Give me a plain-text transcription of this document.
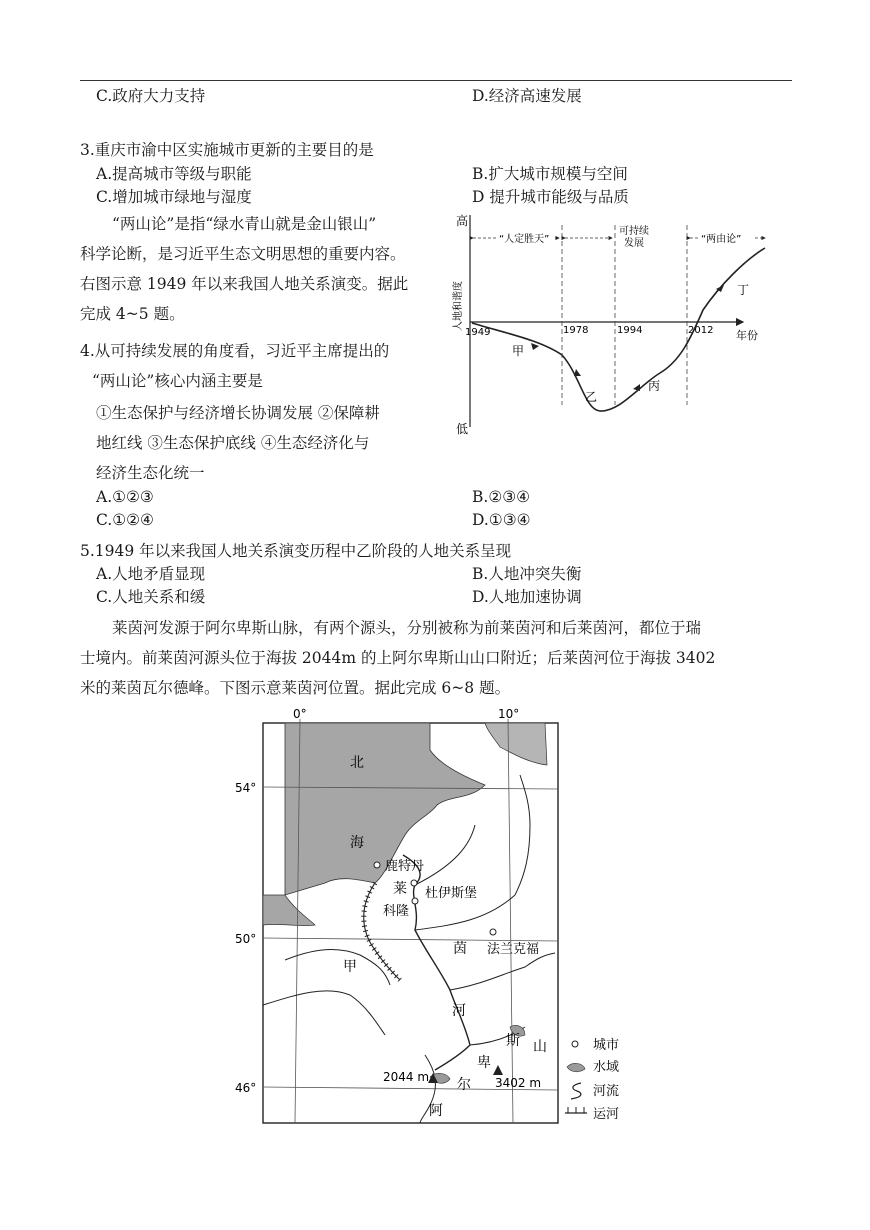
C.政府大力支持	D.经济高速发展
3.重庆市渝中区实施城市更新的主要目的是
A.提高城市等级与职能	B.扩大城市规模与空间
C.增加城市绿地与湿度	D 提升城市能级与品质
“两山论”是指“绿水青山就是金山银山”
科学论断，是习近平生态文明思想的重要内容。
右图示意 1949 年以来我国人地关系演变。据此
完成 4~5 题。
4.从可持续发展的角度看，习近平主席提出的
“两山论”核心内涵主要是
①生态保护与经济增长协调发展 ②保障耕
地红线 ③生态保护底线 ④生态经济化与
经济生态化统一
A.①②③	B.②③④
C.①②④	D.①③④
5.1949 年以来我国人地关系演变历程中乙阶段的人地关系呈现
A.人地矛盾显现	B.人地冲突失衡
C.人地关系和缓	D.人地加速协调
莱茵河发源于阿尔卑斯山脉，有两个源头，分别被称为前莱茵河和后莱茵河，都位于瑞
士境内。前莱茵河源头位于海拔 2044m 的上阿尔卑斯山山口附近；后莱茵河位于海拔 3402
米的莱茵瓦尔德峰。下图示意莱茵河位置。据此完成 6~8 题。
高
低
人地和谐度
年份
1949	1978	1994	2012
“人定胜天”
可持续
发展	“两由论”
甲
乙
丙
丁
0°	10°
54°
50°
46°
北
海
鹿特丹
杜伊斯堡
科隆
法兰克福
莱
茵
河
甲
山
斯
卑
尔
阿
2044 m	3402 m
城市
水域
河流
运河
